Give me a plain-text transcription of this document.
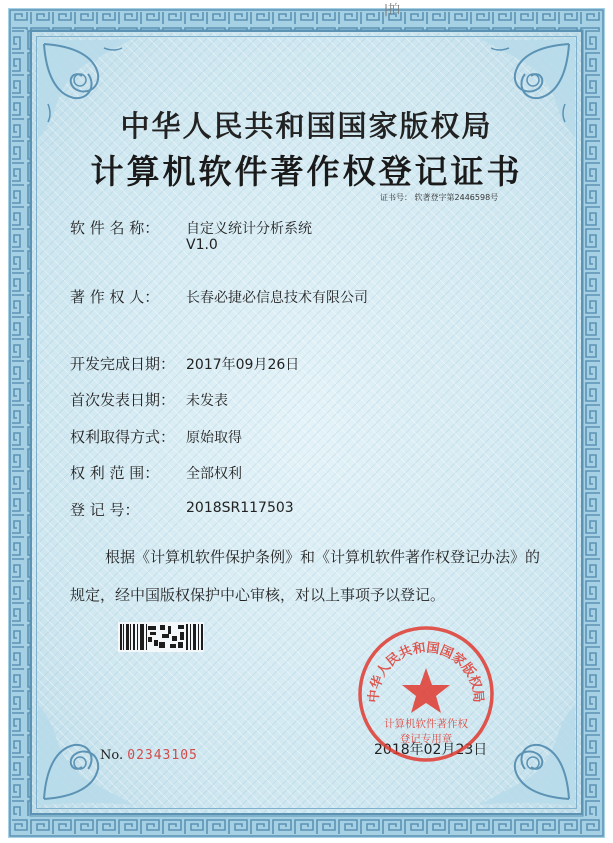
|拍
中华人民共和国国家版权局
计算机软件著作权登记证书
证书号： 软著登字第2446598号
软 件 名 称： 自定义统计分析系统
V1.0
著 作 权 人： 长春必捷必信息技术有限公司
开发完成日期： 2017年09月26日
首次发表日期： 未发表
权利取得方式： 原始取得
权 利 范 围： 全部权利
登 记 号：	2018SR117503
根据《计算机软件保护条例》和《计算机软件著作权登记办法》的
规定，经中国版权保护中心审核，对以上事项予以登记。
No. 02343105	2018年02月23日
中华人民共和国国家版权局
计算机软件著作权
登记专用章
